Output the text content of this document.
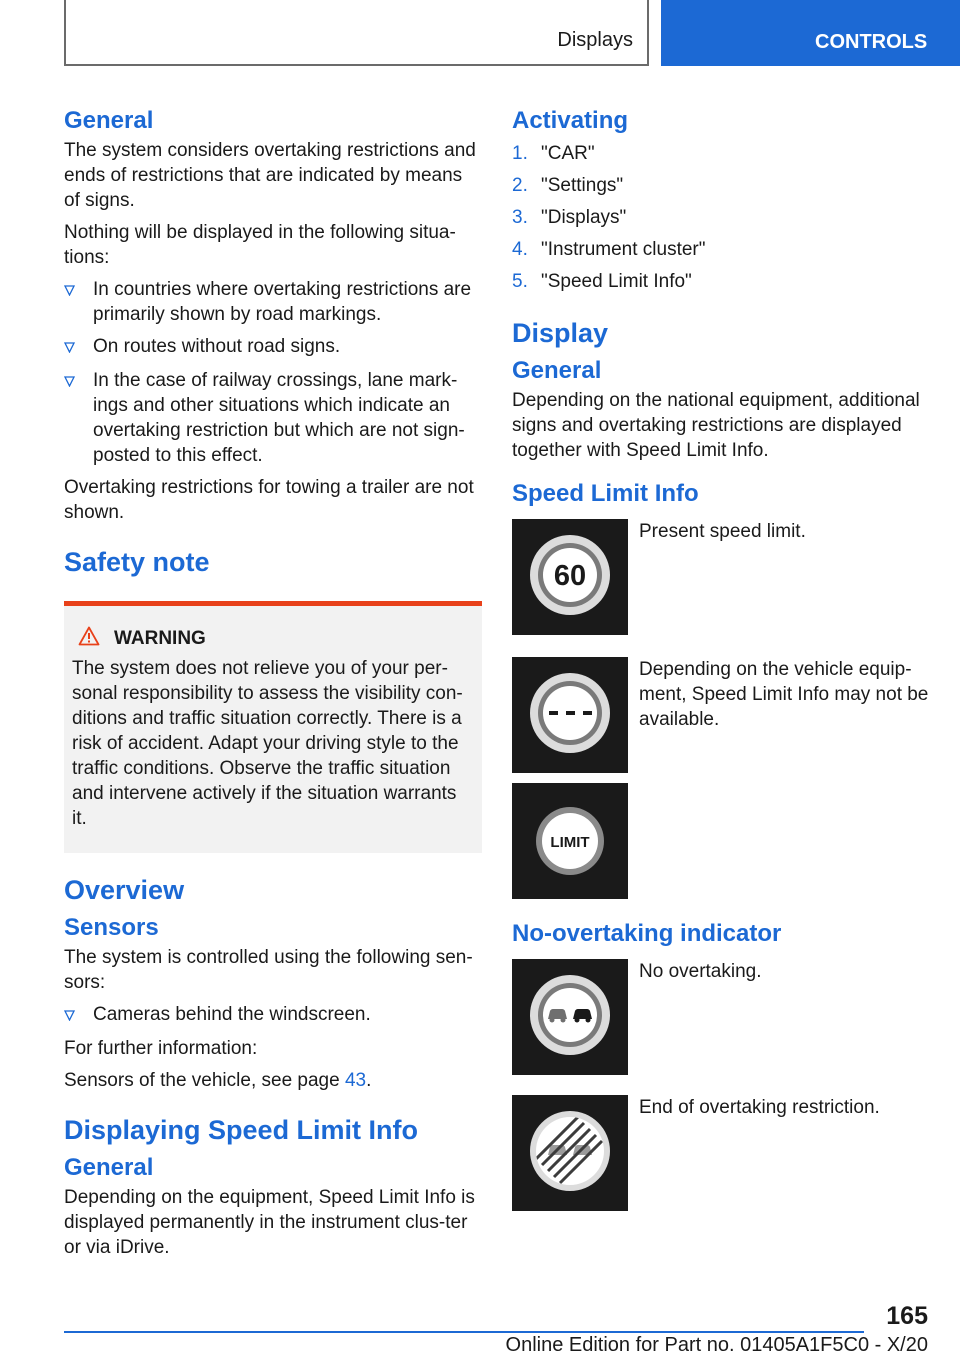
Displays	CONTROLS
General
The system considers overtaking restrictions and ends of restrictions that are indicated by means of signs.
Nothing will be displayed in the following situa-tions:
In countries where overtaking restrictions are primarily shown by road markings.
On routes without road signs.
In the case of railway crossings, lane mark-ings and other situations which indicate an overtaking restriction but which are not sign-posted to this effect.
Overtaking restrictions for towing a trailer are not shown.
Safety note
WARNING
The system does not relieve you of your per-sonal responsibility to assess the visibility con-ditions and traffic situation correctly. There is a risk of accident. Adapt your driving style to the traffic conditions. Observe the traffic situation and intervene actively if the situation warrants it.
Overview
Sensors
The system is controlled using the following sen-sors:
Cameras behind the windscreen.
For further information:
Sensors of the vehicle, see page 43.
Displaying Speed Limit Info
General
Depending on the equipment, Speed Limit Info is displayed permanently in the instrument clus-ter or via iDrive.
Activating
1. "CAR"
2. "Settings"
3. "Displays"
4. "Instrument cluster"
5. "Speed Limit Info"
Display
General
Depending on the national equipment, additional signs and overtaking restrictions are displayed together with Speed Limit Info.
Speed Limit Info
60
Present speed limit.
Depending on the vehicle equip-ment, Speed Limit Info may not be available.
LIMIT
No-overtaking indicator
No overtaking.
End of overtaking restriction.
165
Online Edition for Part no. 01405A1F5C0 - X/20
